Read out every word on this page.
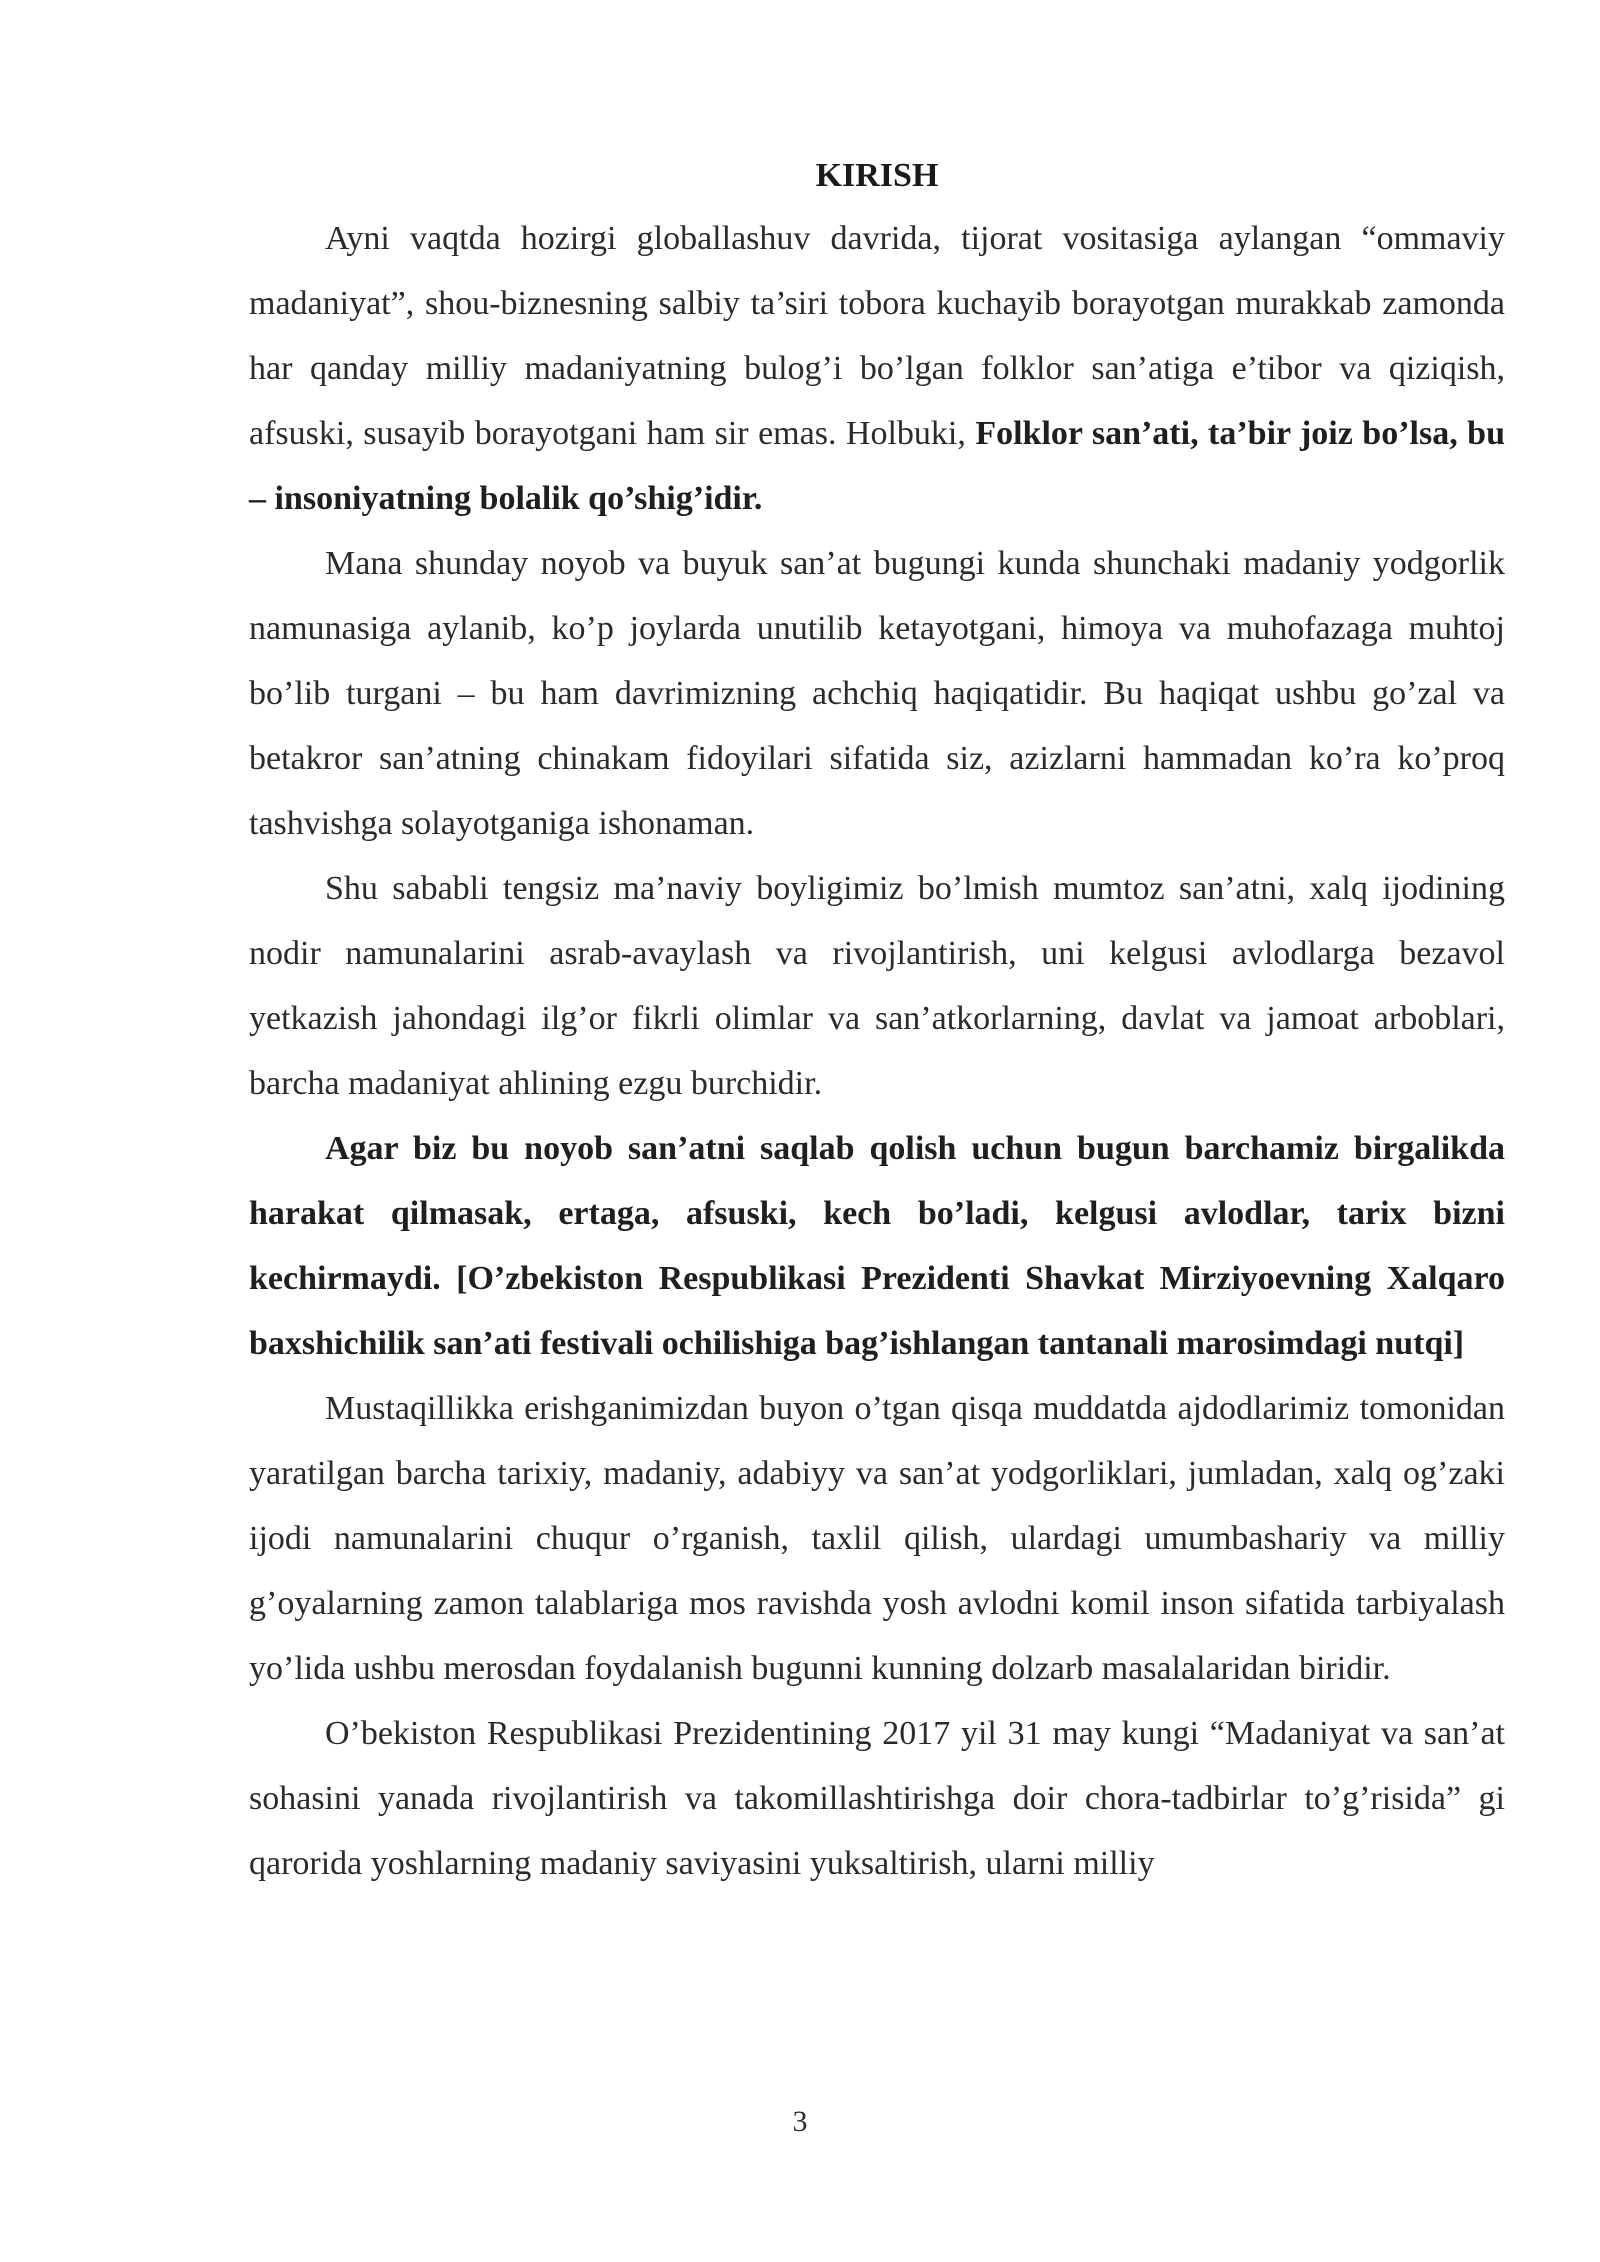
KIRISH

Ayni vaqtda hozirgi globallashuv davrida, tijorat vositasiga aylangan “ommaviy madaniyat”, shou-biznesning salbiy ta’siri tobora kuchayib borayotgan murakkab zamonda har qanday milliy madaniyatning bulog’i bo’lgan folklor san’atiga e’tibor va qiziqish, afsuski, susayib borayotgani ham sir emas. Holbuki, Folklor san’ati, ta’bir joiz bo’lsa, bu – insoniyatning bolalik qo’shig’idir.

Mana shunday noyob va buyuk san’at bugungi kunda shunchaki madaniy yodgorlik namunasiga aylanib, ko’p joylarda unutilib ketayotgani, himoya va muhofazaga muhtoj bo’lib turgani – bu ham davrimizning achchiq haqiqatidir. Bu haqiqat ushbu go’zal va betakror san’atning chinakam fidoyilari sifatida siz, azizlarni hammadan ko’ra ko’proq tashvishga solayotganiga ishonaman.

Shu sababli tengsiz ma’naviy boyligimiz bo’lmish mumtoz san’atni, xalq ijodining nodir namunalarini asrab-avaylash va rivojlantirish, uni kelgusi avlodlarga bezavol yetkazish jahondagi ilg’or fikrli olimlar va san’atkorlarning, davlat va jamoat arboblari, barcha madaniyat ahlining ezgu burchidir.

Agar biz bu noyob san’atni saqlab qolish uchun bugun barchamiz birgalikda harakat qilmasak, ertaga, afsuski, kech bo’ladi, kelgusi avlodlar, tarix bizni kechirmaydi. [O’zbekiston Respublikasi Prezidenti Shavkat Mirziyoevning Xalqaro baxshichilik san’ati festivali ochilishiga bag’ishlangan tantanali marosimdagi nutqi]

Mustaqillikka erishganimizdan buyon o’tgan qisqa muddatda ajdodlarimiz tomonidan yaratilgan barcha tarixiy, madaniy, adabiyy va san’at yodgorliklari, jumladan, xalq og’zaki ijodi namunalarini chuqur o’rganish, taxlil qilish, ulardagi umumbashariy va milliy g’oyalarning zamon talablariga mos ravishda yosh avlodni komil inson sifatida tarbiyalash yo’lida ushbu merosdan foydalanish bugunni kunning dolzarb masalalaridan biridir.

O’bekiston Respublikasi Prezidentining 2017 yil 31 may kungi “Madaniyat va san’at sohasini yanada rivojlantirish va takomillashtirishga doir chora-tadbirlar to’g’risida” gi qarorida yoshlarning madaniy saviyasini yuksaltirish, ularni milliy

3
